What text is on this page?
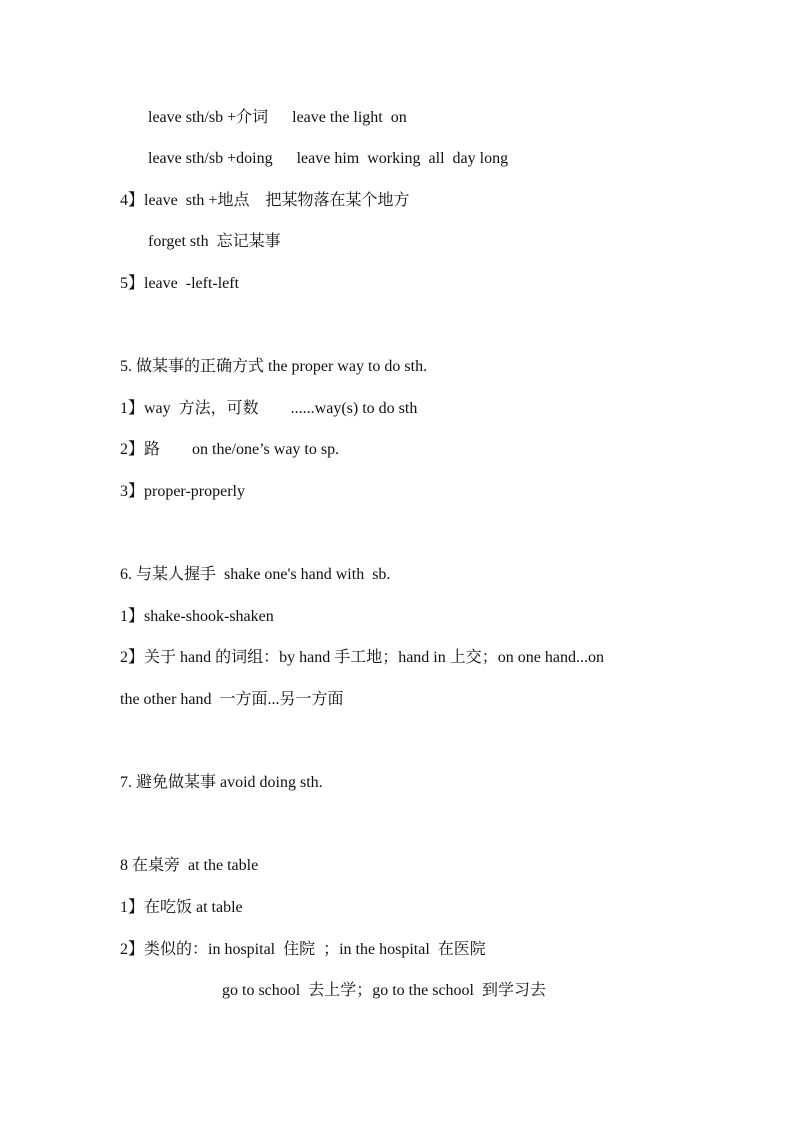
leave sth/sb +介词      leave the light  on
leave sth/sb +doing      leave him  working  all  day long
4】leave  sth +地点    把某物落在某个地方
forget sth  忘记某事
5】leave  -left-left
5. 做某事的正确方式 the proper way to do sth.
1】way  方法，可数        ......way(s) to do sth
2】路        on the/one’s way to sp.
3】proper-properly
6. 与某人握手  shake one's hand with  sb.
1】shake-shook-shaken
2】关于 hand 的词组：by hand 手工地；hand in 上交；on one hand...on
the other hand  一方面...另一方面
7. 避免做某事 avoid doing sth.
8 在桌旁  at the table
1】在吃饭 at table
2】类似的：in hospital  住院  ；in the hospital  在医院
go to school  去上学；go to the school  到学习去
